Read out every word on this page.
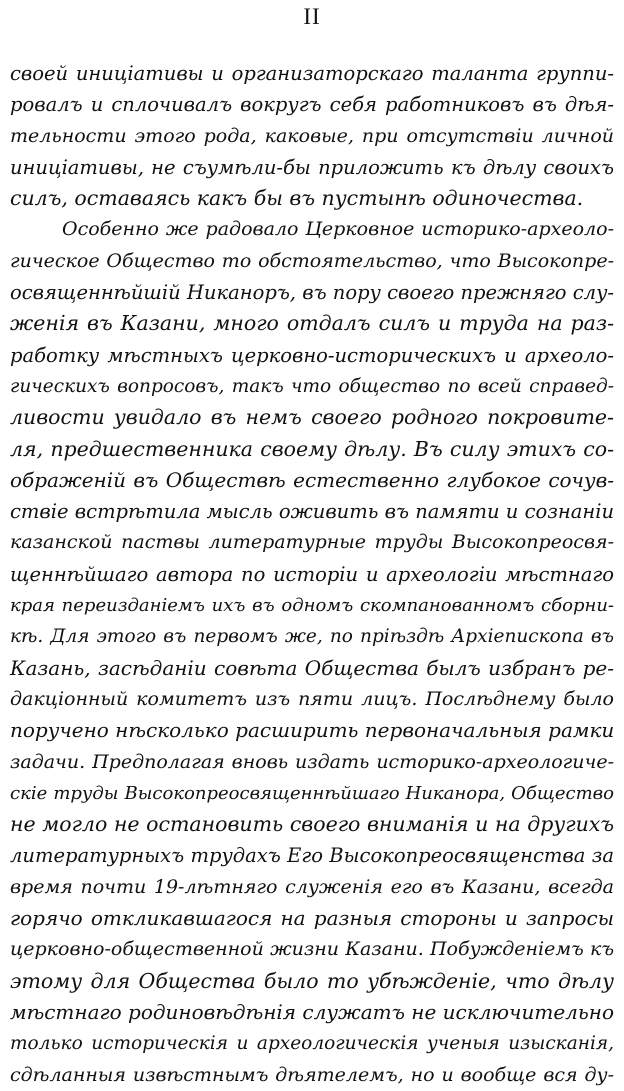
II
своей иниціативы и организаторскаго таланта группи-
ровалъ и сплочивалъ вокругъ себя работниковъ въ дѣя-
тельности этого рода, каковые, при отсутствіи личной
иниціативы, не съумѣли-бы приложить къ дѣлу своихъ
силъ, оставаясь какъ бы въ пустынѣ одиночества.
Особенно же радовало Церковное историко-археоло-
гическое Общество то обстоятельство, что Высокопре-
освященнѣйшій Никаноръ, въ пору своего прежняго слу-
женія въ Казани, много отдалъ силъ и труда на раз-
работку мѣстныхъ церковно-историческихъ и археоло-
гическихъ вопросовъ, такъ что общество по всей справед-
ливости увидало въ немъ своего родного покровите-
ля, предшественника своему дѣлу. Въ силу этихъ со-
ображеній въ Обществѣ естественно глубокое сочув-
ствіе встрѣтила мысль оживить въ памяти и сознаніи
казанской паствы литературные труды Высокопреосвя-
щеннѣйшаго автора по исторіи и археологіи мѣстнаго
края переизданіемъ ихъ въ одномъ скомпанованномъ сборни-
кѣ. Для этого въ первомъ же, по пріѣздѣ Архіепископа въ
Казань, засѣданіи совѣта Общества былъ избранъ ре-
дакціонный комитетъ изъ пяти лицъ. Послѣднему было
поручено нѣсколько расширить первоначальныя рамки
задачи. Предполагая вновь издать историко-археологиче-
скіе труды Высокопреосвященнѣйшаго Никанора, Общество
не могло не остановить своего вниманія и на другихъ
литературныхъ трудахъ Его Высокопреосвященства за
время почти 19-лѣтняго служенія его въ Казани, всегда
горячо откликавшагося на разныя стороны и запросы
церковно-общественной жизни Казани. Побужденіемъ къ
этому для Общества было то убѣжденіе, что дѣлу
мѣстнаго родиновѣдѣнія служатъ не исключительно
только историческія и археологическія ученыя изысканія,
сдѣланныя извѣстнымъ дѣятелемъ, но и вообще вся ду-
